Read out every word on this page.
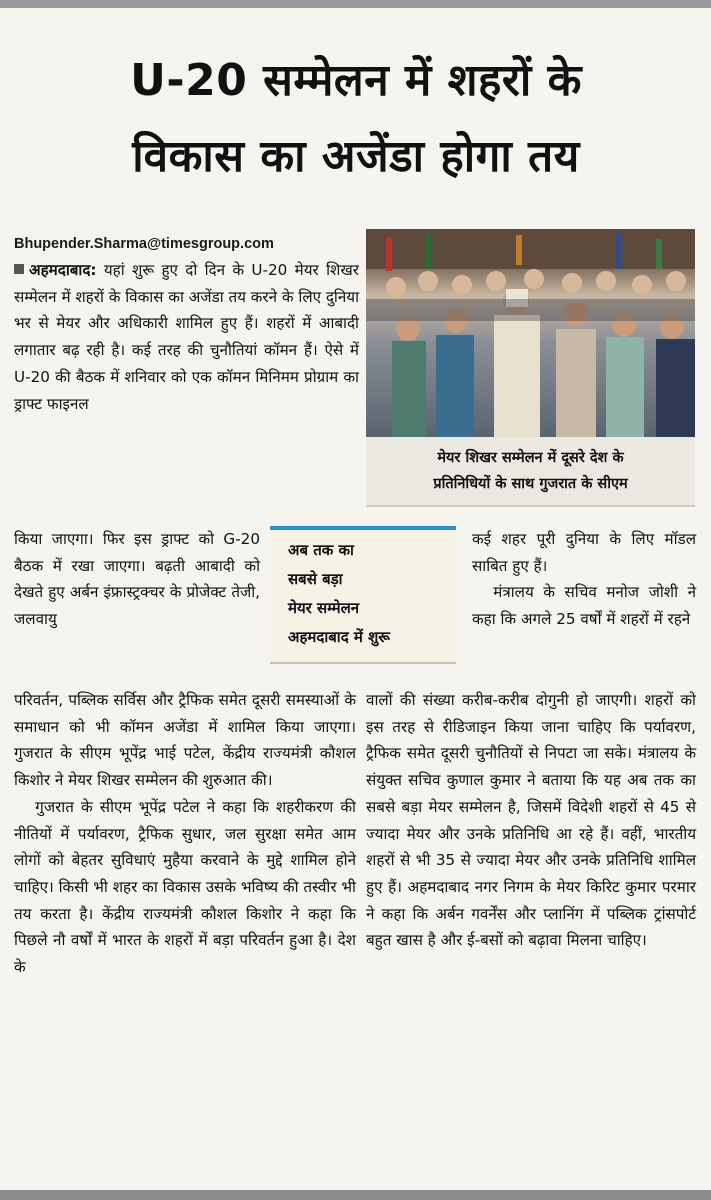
U-20 सम्मेलन में शहरों के
विकास का अजेंडा होगा तय
Bhupender.Sharma@timesgroup.com

अहमदाबाद: यहां शुरू हुए दो दिन के U-20 मेयर शिखर सम्मेलन में शहरों के विकास का अजेंडा तय करने के लिए दुनिया भर से मेयर और अधिकारी शामिल हुए हैं। शहरों में आबादी लगातार बढ़ रही है। कई तरह की चुनौतियां कॉमन हैं। ऐसे में U-20 की बैठक में शनिवार को एक कॉमन मिनिमम प्रोग्राम का ड्राफ्ट फाइनल

किया जाएगा। फिर इस ड्राफ्ट को G-20 बैठक में रखा जाएगा। बढ़ती आबादी को देखते हुए अर्बन इंफ्रास्ट्रक्चर के प्रोजेक्ट तेजी, जलवायु

परिवर्तन, पब्लिक सर्विस और ट्रैफिक समेत दूसरी समस्याओं के समाधान को भी कॉमन अजेंडा में शामिल किया जाएगा। गुजरात के सीएम भूपेंद्र भाई पटेल, केंद्रीय राज्यमंत्री कौशल किशोर ने मेयर शिखर सम्मेलन की शुरुआत की।

गुजरात के सीएम भूपेंद्र पटेल ने कहा कि शहरीकरण की नीतियों में पर्यावरण, ट्रैफिक सुधार, जल सुरक्षा समेत आम लोगों को बेहतर सुविधाएं मुहैया करवाने के मुद्दे शामिल होने चाहिए। किसी भी शहर का विकास उसके भविष्य की तस्वीर भी तय करता है। केंद्रीय राज्यमंत्री कौशल किशोर ने कहा कि पिछले नौ वर्षों में भारत के शहरों में बड़ा परिवर्तन हुआ है। देश के

मेयर शिखर सम्मेलन में दूसरे देश के
प्रतिनिधियों के साथ गुजरात के सीएम
अब तक का
सबसे बड़ा
मेयर सम्मेलन
अहमदाबाद में शुरू

कई शहर पूरी दुनिया के लिए मॉडल साबित हुए हैं।

मंत्रालय के सचिव मनोज जोशी ने कहा कि अगले 25 वर्षों में शहरों में रहने

वालों की संख्या करीब-करीब दोगुनी हो जाएगी। शहरों को इस तरह से रीडिजाइन किया जाना चाहिए कि पर्यावरण, ट्रैफिक समेत दूसरी चुनौतियों से निपटा जा सके। मंत्रालय के संयुक्त सचिव कुणाल कुमार ने बताया कि यह अब तक का सबसे बड़ा मेयर सम्मेलन है, जिसमें विदेशी शहरों से 45 से ज्यादा मेयर और उनके प्रतिनिधि आ रहे हैं। वहीं, भारतीय शहरों से भी 35 से ज्यादा मेयर और उनके प्रतिनिधि शामिल हुए हैं। अहमदाबाद नगर निगम के मेयर किरिट कुमार परमार ने कहा कि अर्बन गवर्नेंस और प्लानिंग में पब्लिक ट्रांसपोर्ट बहुत खास है और ई-बसों को बढ़ावा मिलना चाहिए।
